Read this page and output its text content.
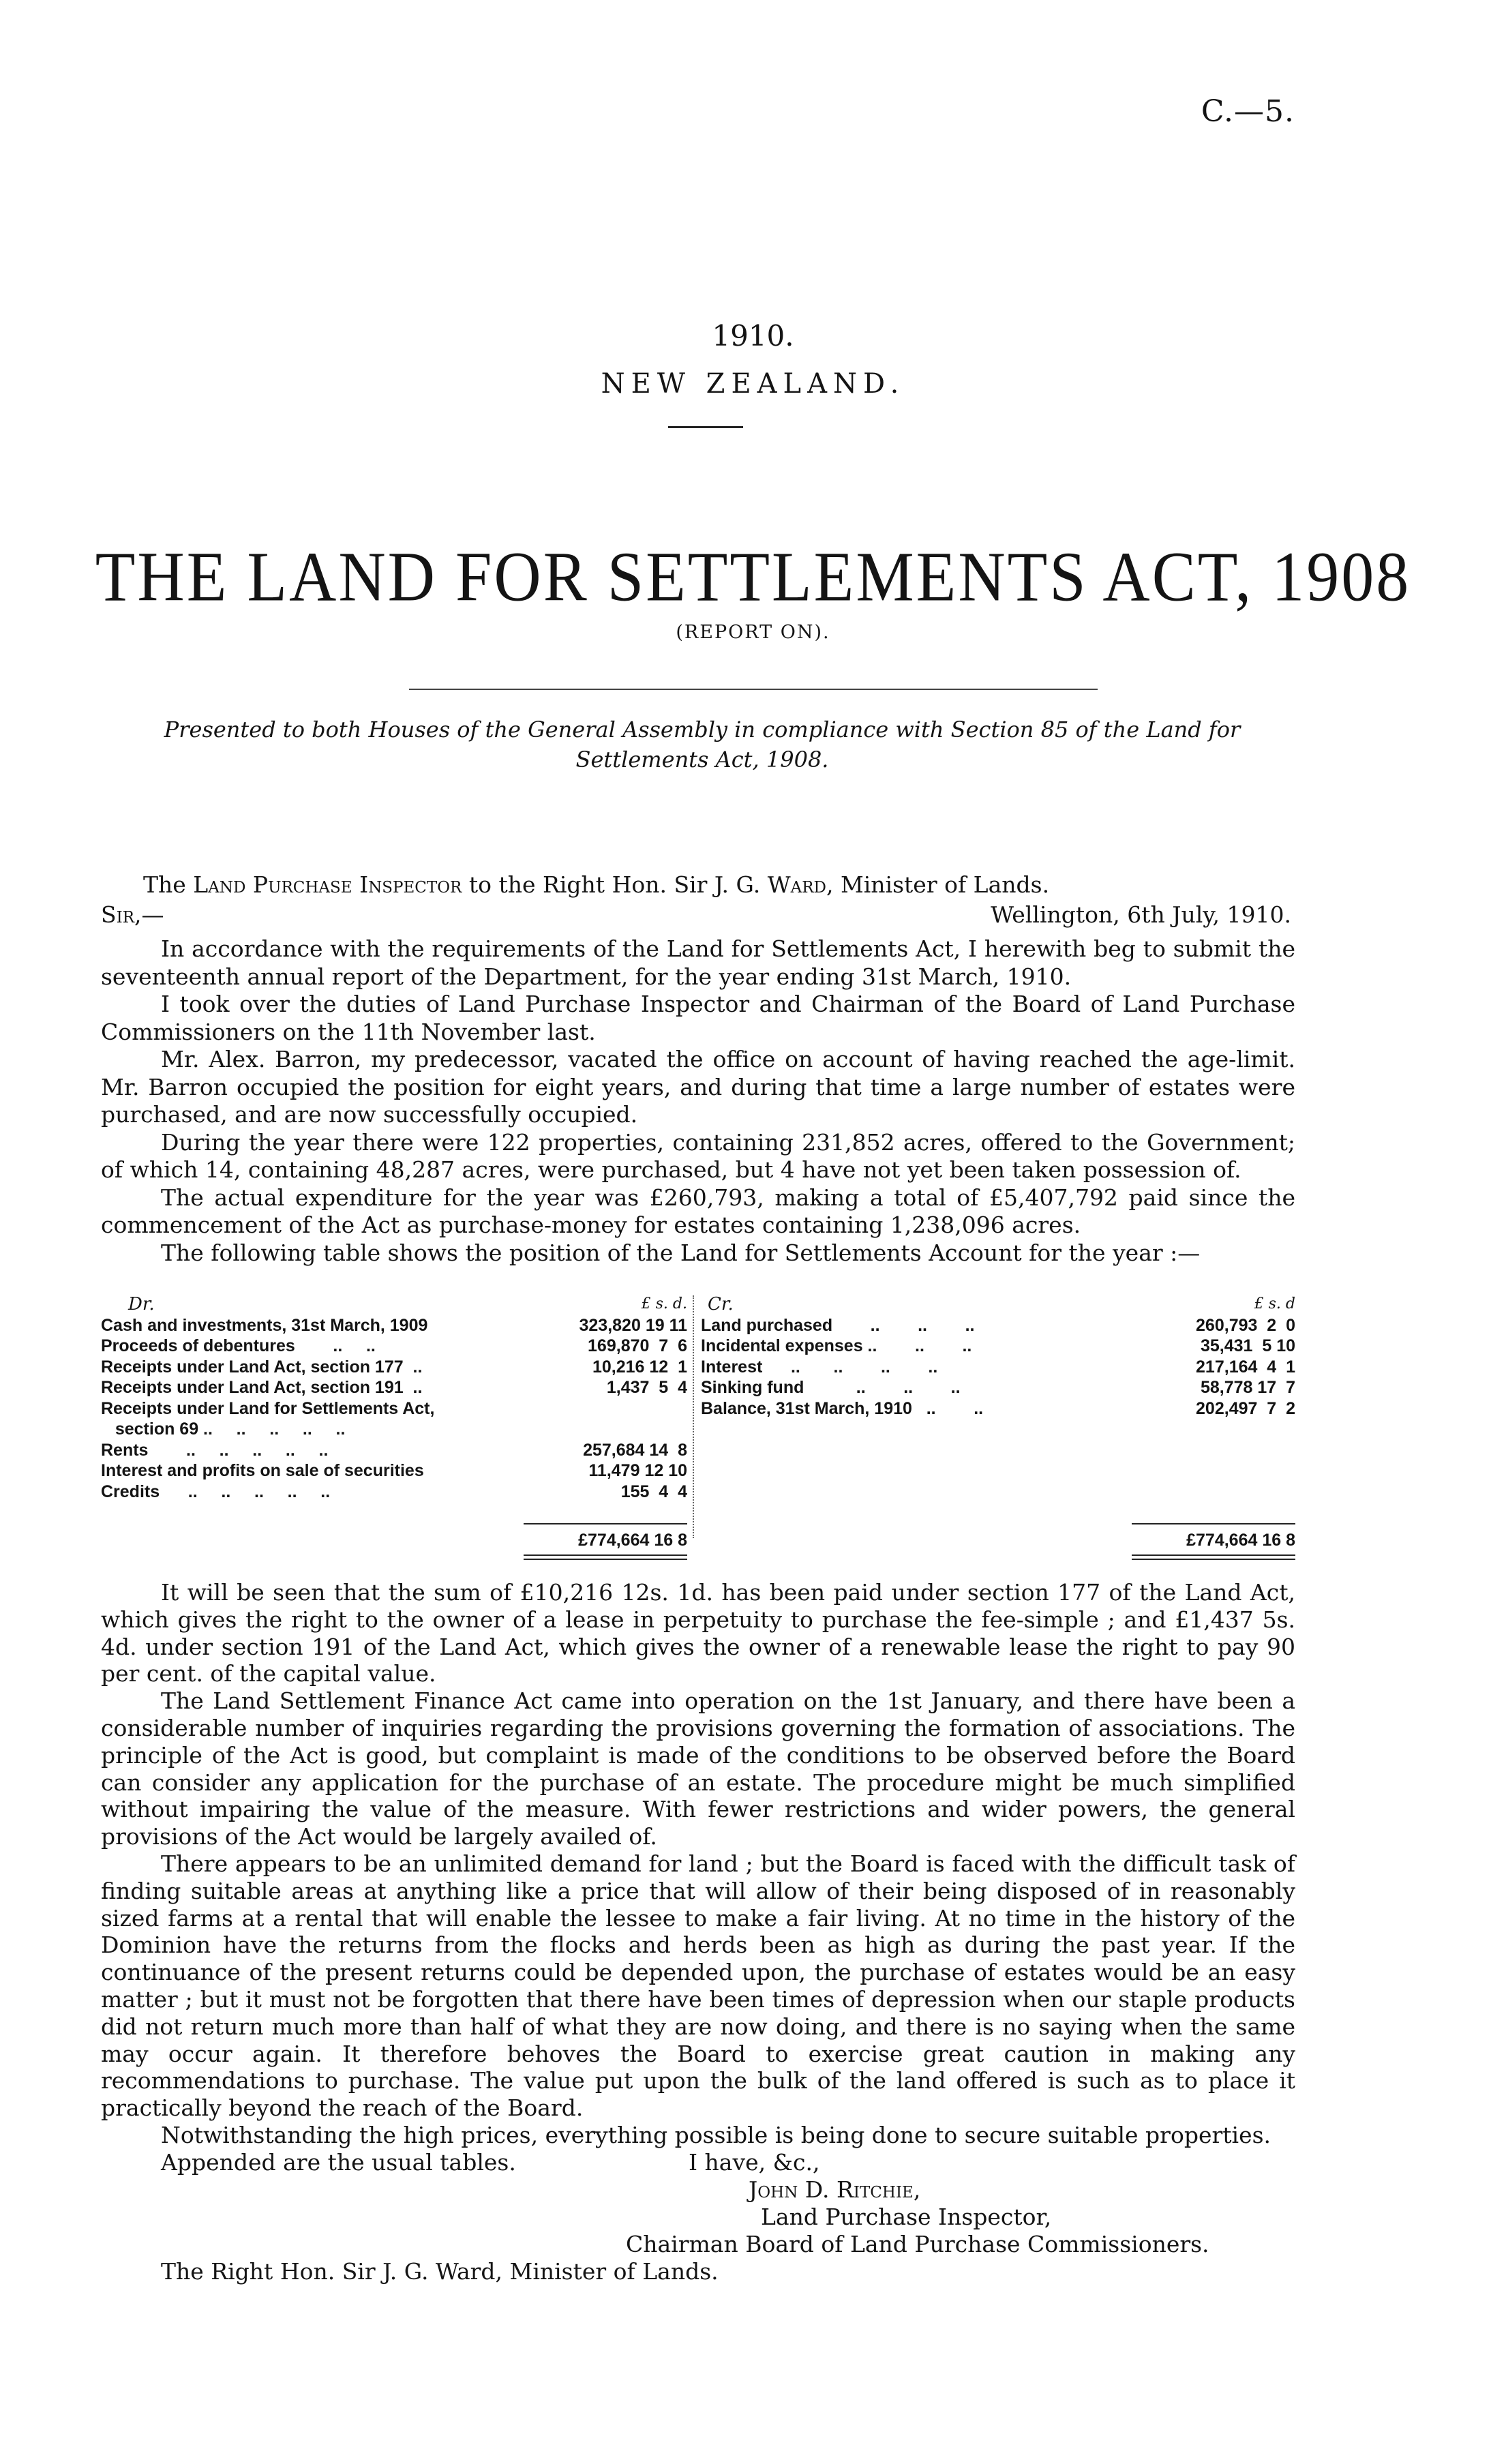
C.—5.
1910.
NEW ZEALAND.
THE LAND FOR SETTLEMENTS ACT, 1908
(REPORT ON).
Presented to both Houses of the General Assembly in compliance with Section 85 of the Land for Settlements Act, 1908.
The Land Purchase Inspector to the Right Hon. Sir J. G. Ward, Minister of Lands.
Sir,—	Wellington, 6th July, 1910.

In accordance with the requirements of the Land for Settlements Act, I herewith beg to submit the seventeenth annual report of the Department, for the year ending 31st March, 1910.

I took over the duties of Land Purchase Inspector and Chairman of the Board of Land Purchase Commissioners on the 11th November last.

Mr. Alex. Barron, my predecessor, vacated the office on account of having reached the age-limit. Mr. Barron occupied the position for eight years, and during that time a large number of estates were purchased, and are now successfully occupied.

During the year there were 122 properties, containing 231,852 acres, offered to the Government; of which 14, containing 48,287 acres, were purchased, but 4 have not yet been taken possession of.

The actual expenditure for the year was £260,793, making a total of £5,407,792 paid since the commencement of the Act as purchase-money for estates containing 1,238,096 acres.

The following table shows the position of the Land for Settlements Account for the year :—

Dr.	£ s. d.
Cash and investments, 31st March, 1909	323,820 19 11
Proceeds of debentures        ..     ..	169,870  7  6
Receipts under Land Act, section 177  ..	10,216 12  1
Receipts under Land Act, section 191  ..	1,437  5  4
Receipts under Land for Settlements Act,
section 69 ..     ..     ..     ..     ..
Rents        ..     ..     ..     ..     ..	257,684 14  8
Interest and profits on sale of securities	11,479 12 10
Credits      ..     ..     ..     ..     ..	155  4  4
£774,664 16 8
Cr.	£ s. d
Land purchased        ..        ..        ..	260,793  2  0
Incidental expenses ..        ..        ..	35,431  5 10
Interest      ..       ..        ..        ..	217,164  4  1
Sinking fund           ..        ..        ..	58,778 17  7
Balance, 31st March, 1910   ..        ..	202,497  7  2
£774,664 16 8

It will be seen that the sum of £10,216 12s. 1d. has been paid under section 177 of the Land Act, which gives the right to the owner of a lease in perpetuity to purchase the fee-simple ; and £1,437 5s. 4d. under section 191 of the Land Act, which gives the owner of a renewable lease the right to pay 90 per cent. of the capital value.

The Land Settlement Finance Act came into operation on the 1st January, and there have been a considerable number of inquiries regarding the provisions governing the formation of associations. The principle of the Act is good, but complaint is made of the conditions to be observed before the Board can consider any application for the purchase of an estate. The procedure might be much simplified without impairing the value of the measure. With fewer restrictions and wider powers, the general provisions of the Act would be largely availed of.

There appears to be an unlimited demand for land ; but the Board is faced with the difficult task of finding suitable areas at anything like a price that will allow of their being disposed of in reasonably sized farms at a rental that will enable the lessee to make a fair living. At no time in the history of the Dominion have the returns from the flocks and herds been as high as during the past year. If the continuance of the present returns could be depended upon, the purchase of estates would be an easy matter ; but it must not be forgotten that there have been times of depression when our staple products did not return much more than half of what they are now doing, and there is no saying when the same may occur again. It therefore behoves the Board to exercise great caution in making any recommendations to purchase. The value put upon the bulk of the land offered is such as to place it practically beyond the reach of the Board.

Notwithstanding the high prices, everything possible is being done to secure suitable properties.

Appended are the usual tables.	I have, &c.,
John D. Ritchie,
Land Purchase Inspector,
Chairman Board of Land Purchase Commissioners.
The Right Hon. Sir J. G. Ward, Minister of Lands.
